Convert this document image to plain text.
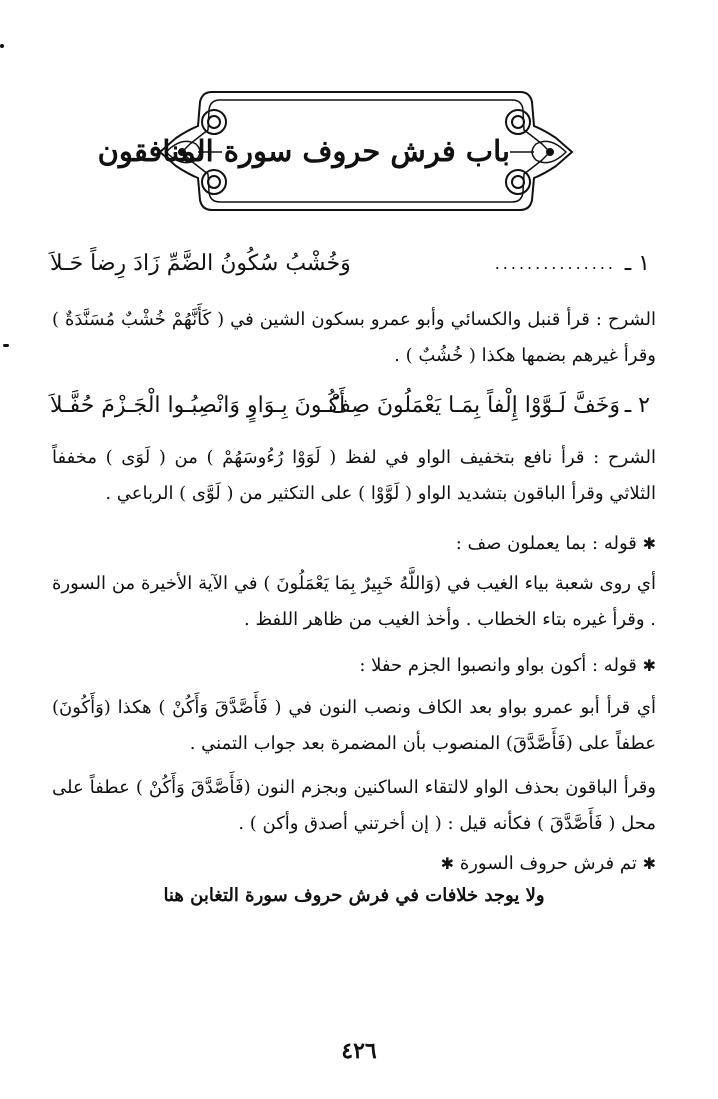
باب فرش حروف سورة المنافقون
١ ـ
...............
وَخُشْبُ سُكُونُ الضَّمِّ زَادَ رِضاً حَـلاَ
الشرح : قرأ قنبل والكسائي وأبو عمرو بسكون الشين في ( كَأَنَّهُمْ خُشْبٌ مُسَنَّدَةٌ ) وقرأ غيرهم بضمها هكذا ( خُشُبٌ ) .
٢ ـ
وَخَفَّ لَـوَّوْا إِلْفاً بِمَـا يَعْمَلُونَ صِفْ
أَكُـونَ بِـوَاوٍ وَانْصِبُـوا الْجَـزْمَ حُفَّـلاَ
الشرح : قرأ نافع بتخفيف الواو في لفظ ( لَوَوْا رُءُوسَهُمْ ) من ( لَوَى ) مخففاً الثلاثي وقرأ الباقون بتشديد الواو ( لَوَّوْا ) على التكثير من ( لَوَّى ) الرباعي .
✱ قوله : بما يعملون صف :
أي روى شعبة بياء الغيب في (وَاللَّهُ خَبِيرٌ بِمَا يَعْمَلُونَ ) في الآية الأخيرة من السورة . وقرأ غيره بتاء الخطاب . وأخذ الغيب من ظاهر اللفظ .
✱ قوله : أكون بواو وانصبوا الجزم حفلا :
أي قرأ أبو عمرو بواو بعد الكاف ونصب النون في ( فَأَصَّدَّقَ وَأَكُنْ ) هكذا (وَأَكُونَ) عطفاً على (فَأَصَّدَّقَ) المنصوب بأن المضمرة بعد جواب التمني .
وقرأ الباقون بحذف الواو لالتقاء الساكنين وبجزم النون (فَأَصَّدَّقَ وَأَكُنْ ) عطفاً على محل ( فَأَصَّدَّقَ ) فكأنه قيل : ( إن أخرتني أصدق وأكن ) .
✱ تم فرش حروف السورة ✱
ولا يوجد خلافات في فرش حروف سورة التغابن هنا
٤٢٦
